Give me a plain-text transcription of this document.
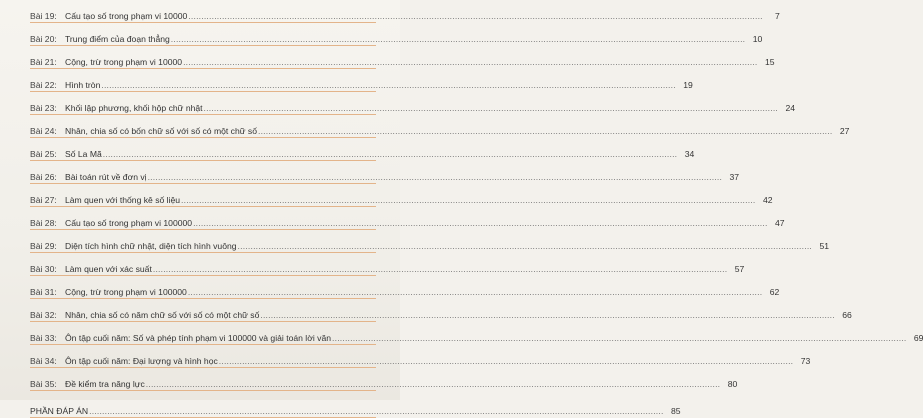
Bài 19: Cấu tạo số trong phạm vi 10000 .....	7
Bài 20: Trung điểm của đoạn thẳng .....	10
Bài 21: Cộng, trừ trong phạm vi 10000 .....	15
Bài 22: Hình tròn .....	19
Bài 23: Khối lập phương, khối hộp chữ nhật .....	24
Bài 24: Nhân, chia số có bốn chữ số với số có một chữ số .....	27
Bài 25: Số La Mã .....	34
Bài 26: Bài toán rút về đơn vị .....	37
Bài 27: Làm quen với thống kê số liệu .....	42
Bài 28: Cấu tạo số trong phạm vi 100000 .....	47
Bài 29: Diện tích hình chữ nhật, diện tích hình vuông .....	51
Bài 30: Làm quen với xác suất .....	57
Bài 31: Cộng, trừ trong phạm vi 100000 .....	62
Bài 32: Nhân, chia số có năm chữ số với số có một chữ số .....	66
Bài 33: Ôn tập cuối năm: Số và phép tính phạm vi 100000 và giải toán lời văn .....	69
Bài 34: Ôn tập cuối năm: Đại lượng và hình học .....	73
Bài 35: Đề kiểm tra năng lực .....	80
PHẦN ĐÁP ÁN .....	85
